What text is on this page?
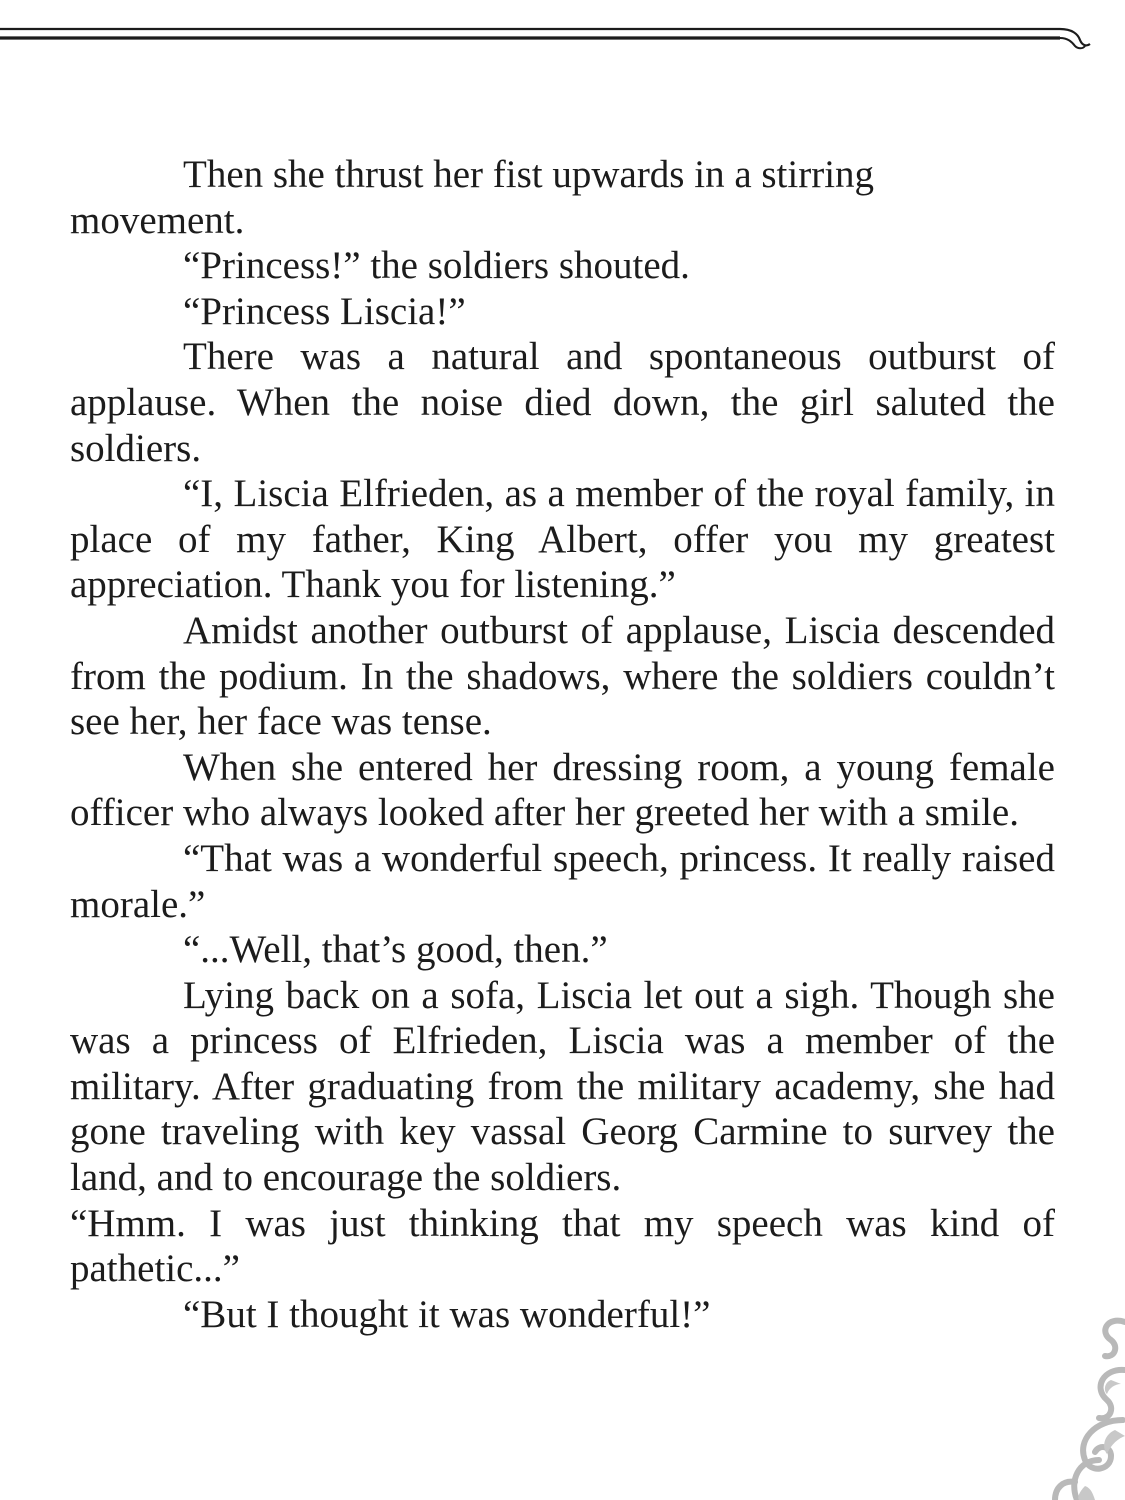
Then she thrust her fist upwards in a stirring movement.

“Princess!” the soldiers shouted.

“Princess Liscia!”

There was a natural and spontaneous outburst of applause. When the noise died down, the girl saluted the soldiers.

“I, Liscia Elfrieden, as a member of the royal family, in place of my father, King Albert, offer you my greatest appreciation. Thank you for listening.”

Amidst another outburst of applause, Liscia descended from the podium. In the shadows, where the soldiers couldn’t see her, her face was tense.

When she entered her dressing room, a young female officer who always looked after her greeted her with a smile.

“That was a wonderful speech, princess. It really raised morale.”

“...Well, that’s good, then.”

Lying back on a sofa, Liscia let out a sigh. Though she was a princess of Elfrieden, Liscia was a member of the military. After graduating from the military academy, she had gone traveling with key vassal Georg Carmine to survey the land, and to encourage the soldiers.

“Hmm. I was just thinking that my speech was kind of pathetic...”

“But I thought it was wonderful!”
